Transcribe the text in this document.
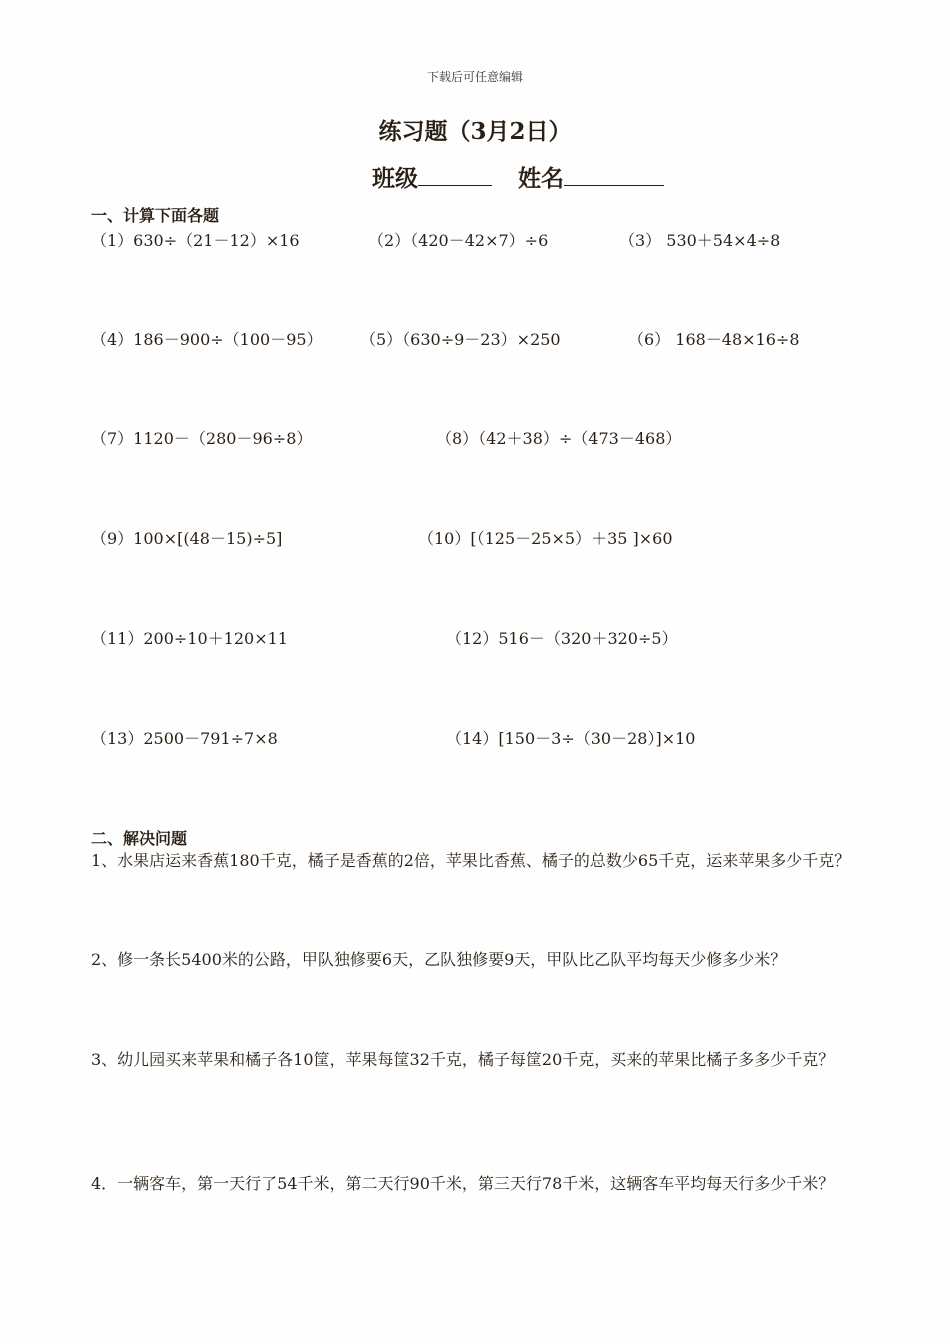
下载后可任意编辑
练习题（3月2日）
班级	姓名
一、计算下面各题
（1）630÷（21－12）×16	（2）（420－42×7）÷6	（3） 530＋54×4÷8
（4）186－900÷（100－95） （5）（630÷9－23）×250	（6） 168－48×16÷8
（7）1120－（280－96÷8）	（8）（42＋38）÷（473－468）
（9）100×[(48－15)÷5]	（10）[（125－25×5）＋35 ]×60
（11）200÷10＋120×11	（12）516－（320＋320÷5）
（13）2500－791÷7×8	（14）[150－3÷（30－28）]×10
二、解决问题
1、水果店运来香蕉180千克，橘子是香蕉的2倍，苹果比香蕉、橘子的总数少65千克，运来苹果多少千克？
2、修一条长5400米的公路，甲队独修要6天，乙队独修要9天，甲队比乙队平均每天少修多少米？
3、幼儿园买来苹果和橘子各10筐，苹果每筐32千克，橘子每筐20千克，买来的苹果比橘子多多少千克？
4．一辆客车，第一天行了54千米，第二天行90千米，第三天行78千米，这辆客车平均每天行多少千米？
